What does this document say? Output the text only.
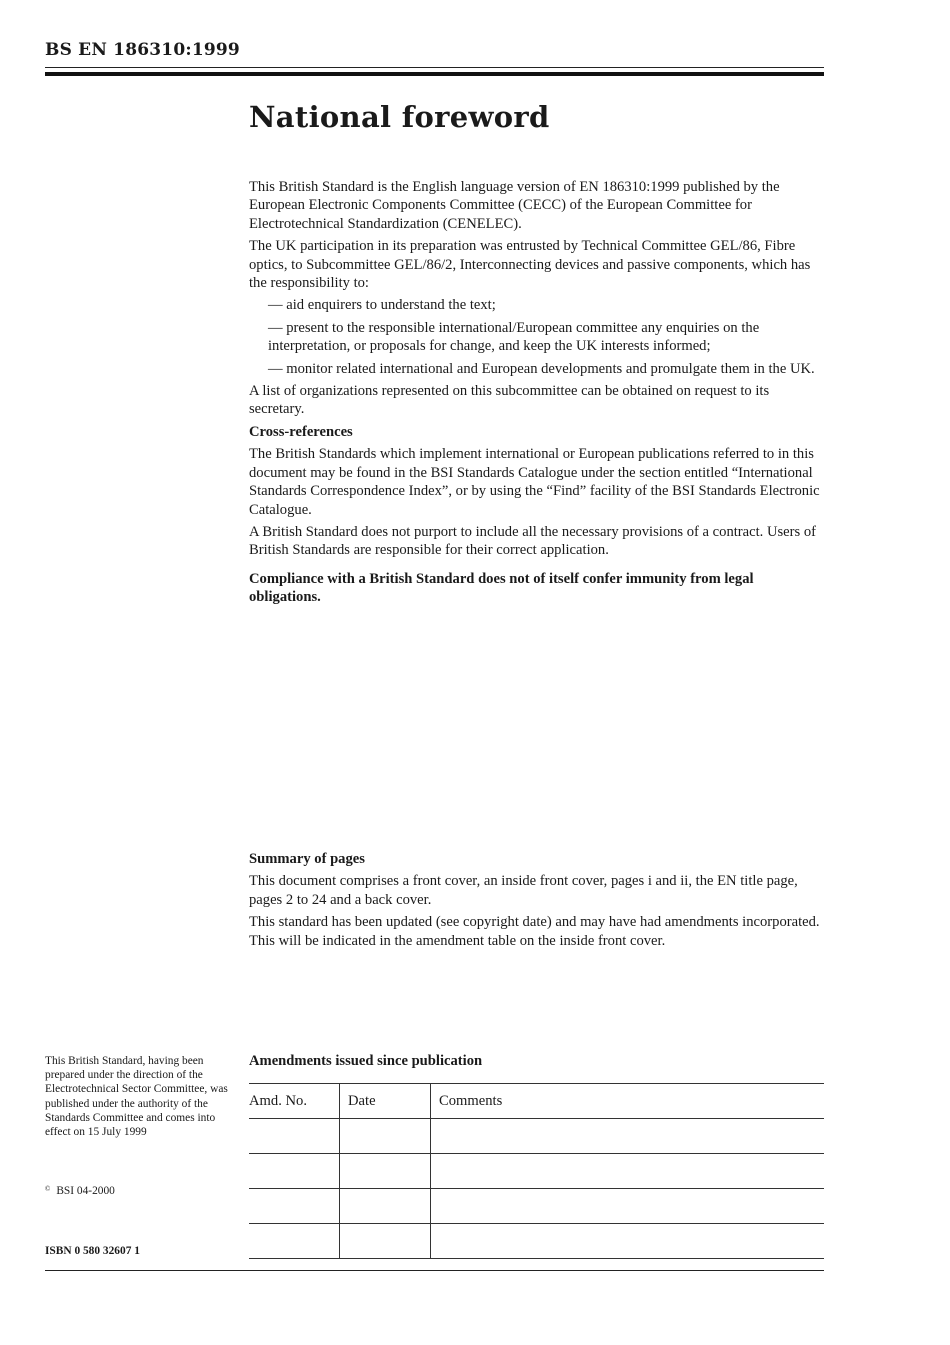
BS EN 186310:1999
National foreword

This British Standard is the English language version of EN 186310:1999 published by the European Electronic Components Committee (CECC) of the European Committee for Electrotechnical Standardization (CENELEC).

The UK participation in its preparation was entrusted by Technical Committee GEL/86, Fibre optics, to Subcommittee GEL/86/2, Interconnecting devices and passive components, which has the responsibility to:

— aid enquirers to understand the text;

— present to the responsible international/European committee any enquiries on the interpretation, or proposals for change, and keep the UK interests informed;

— monitor related international and European developments and promulgate them in the UK.

A list of organizations represented on this subcommittee can be obtained on request to its secretary.

Cross-references

The British Standards which implement international or European publications referred to in this document may be found in the BSI Standards Catalogue under the section entitled “International Standards Correspondence Index”, or by using the “Find” facility of the BSI Standards Electronic Catalogue.

A British Standard does not purport to include all the necessary provisions of a contract. Users of British Standards are responsible for their correct application.

Compliance with a British Standard does not of itself confer immunity from legal obligations.

Summary of pages

This document comprises a front cover, an inside front cover, pages i and ii, the EN title page, pages 2 to 24 and a back cover.

This standard has been updated (see copyright date) and may have had amendments incorporated. This will be indicated in the amendment table on the inside front cover.

This British Standard, having been prepared under the direction of the Electrotechnical Sector Committee, was published under the authority of the Standards Committee and comes into effect on 15 July 1999
© BSI 04-2000
ISBN 0 580 32607 1
Amendments issued since publication
Amd. No.	Date	Comments
